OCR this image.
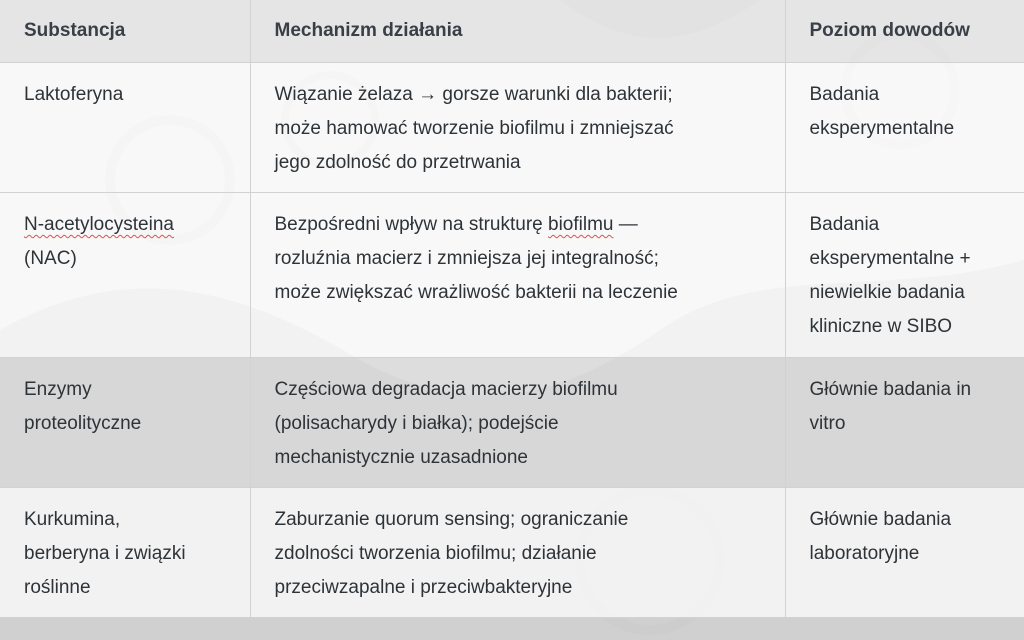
Substancja	Mechanizm działania	Poziom dowodów

Laktoferyna	Wiązanie żelaza → gorsze warunki dla bakterii;
może hamować tworzenie biofilmu i zmniejszać
jego zdolność do przetrwania	Badania
eksperymentalne

N-acetylocysteina
(NAC)	Bezpośredni wpływ na strukturę biofilmu —
rozluźnia macierz i zmniejsza jej integralność;
może zwiększać wrażliwość bakterii na leczenie	Badania
eksperymentalne +
niewielkie badania
kliniczne w SIBO

Enzymy
proteolityczne	Częściowa degradacja macierzy biofilmu
(polisacharydy i białka); podejście
mechanistycznie uzasadnione	Głównie badania in
vitro

Kurkumina,
berberyna i związki
roślinne	Zaburzanie quorum sensing; ograniczanie
zdolności tworzenia biofilmu; działanie
przeciwzapalne i przeciwbakteryjne	Głównie badania
laboratoryjne
